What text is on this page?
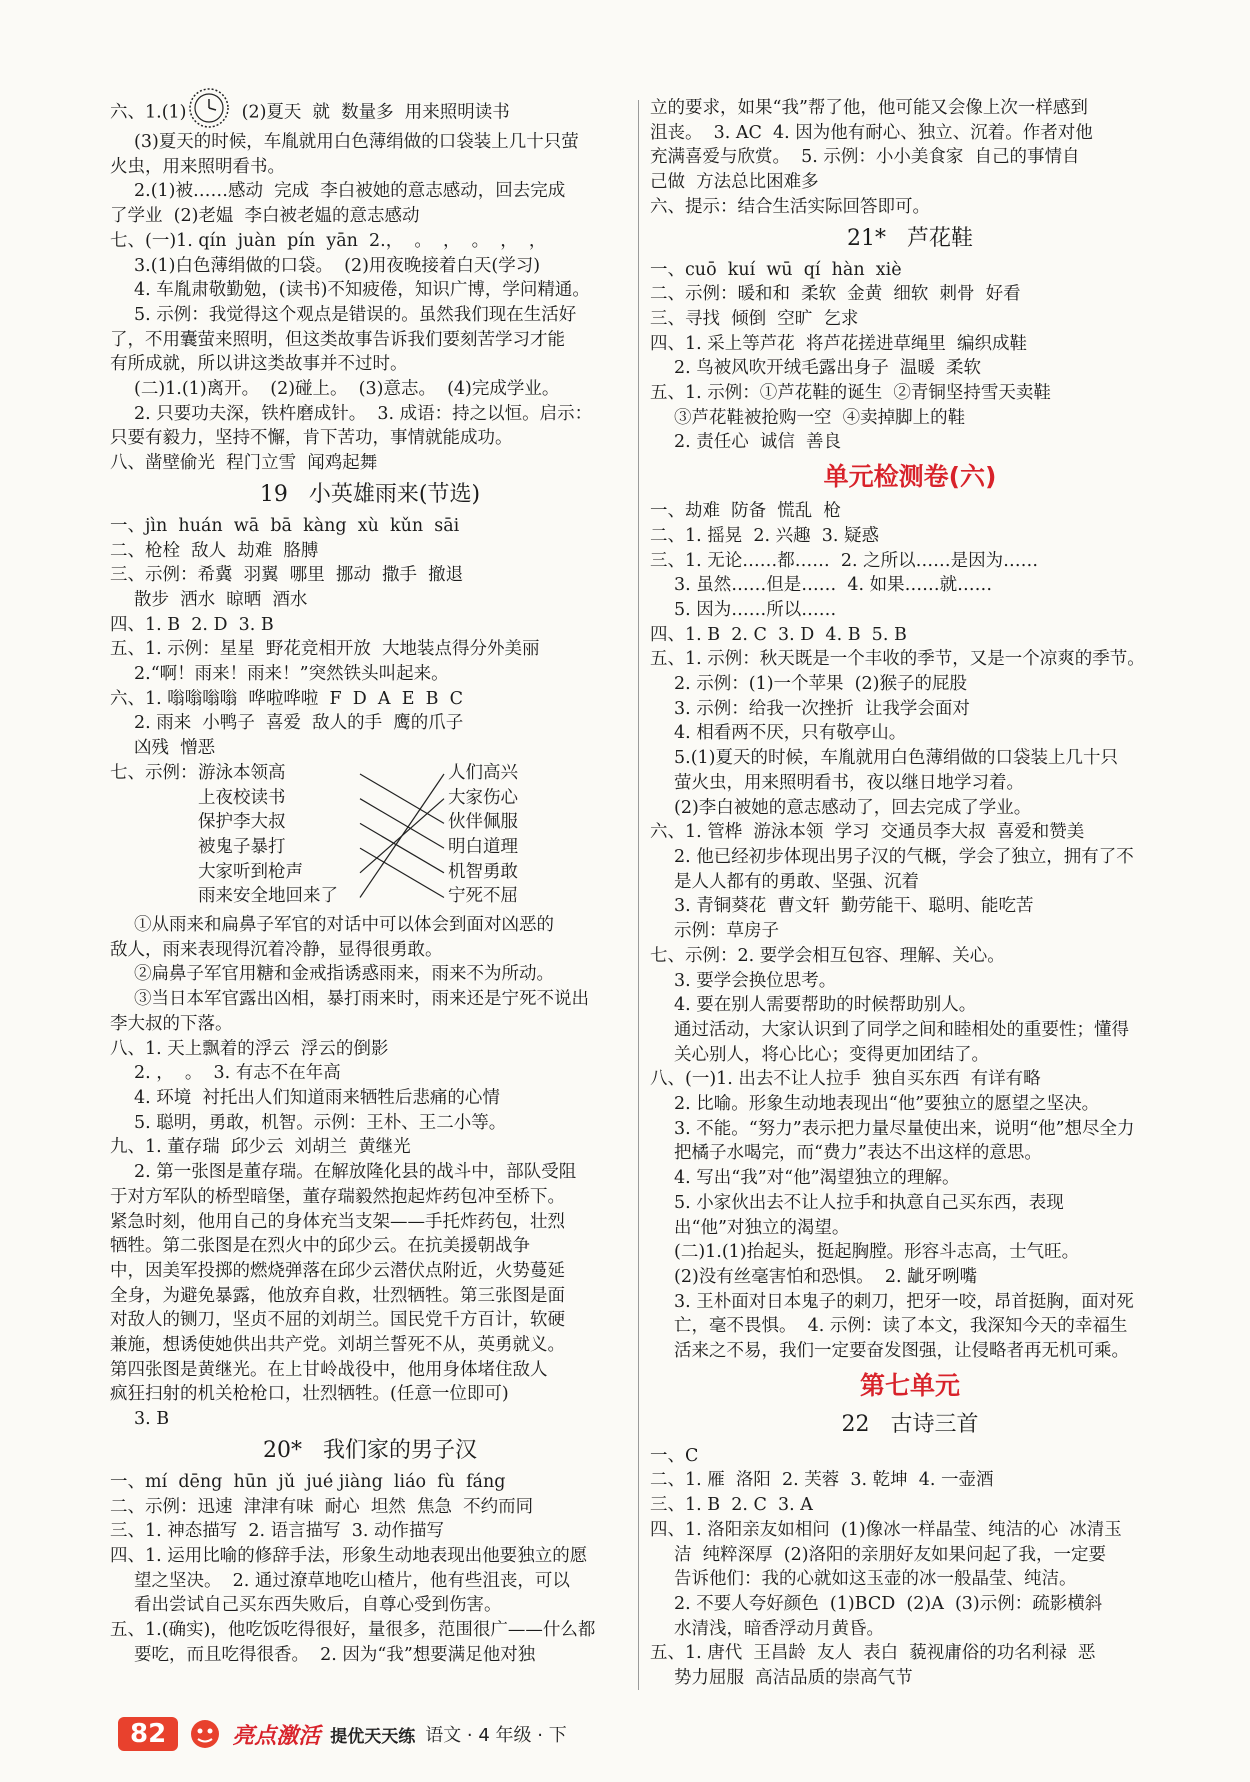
六、1.(1)	(2)夏天  就  数量多  用来照明读书
(3)夏天的时候，车胤就用白色薄绢做的口袋装上几十只萤
火虫，用来照明看书。
2.(1)被……感动  完成  李白被她的意志感动，回去完成
了学业  (2)老媪  李白被老媪的意志感动
七、(一)1. qín  juàn  pín  yān  2.，  。  ，  。  ，  ，
3.(1)白色薄绢做的口袋。  (2)用夜晚接着白天(学习)
4. 车胤肃敬勤勉，(读书)不知疲倦，知识广博，学问精通。
5. 示例：我觉得这个观点是错误的。虽然我们现在生活好
了，不用囊萤来照明，但这类故事告诉我们要刻苦学习才能
有所成就，所以讲这类故事并不过时。
(二)1.(1)离开。  (2)碰上。  (3)意志。  (4)完成学业。
2. 只要功夫深，铁杵磨成针。  3. 成语：持之以恒。启示：
只要有毅力，坚持不懈，肯下苦功，事情就能成功。
八、凿壁偷光  程门立雪  闻鸡起舞
19   小英雄雨来(节选)
一、jìn  huán  wā  bā  kàng  xù  kǔn  sāi
二、枪栓  敌人  劫难  胳膊
三、示例：希冀  羽翼  哪里  挪动  撒手  撤退
散步  洒水  晾晒  酒水
四、1. B  2. D  3. B
五、1. 示例：星星  野花竞相开放  大地装点得分外美丽
2.“啊！雨来！雨来！”突然铁头叫起来。
六、1. 嗡嗡嗡嗡  哗啦哗啦  F  D  A  E  B  C
2. 雨来  小鸭子  喜爱  敌人的手  鹰的爪子
凶残  憎恶
七、示例： 游泳本领高
上夜校读书
保护李大叔
被鬼子暴打
大家听到枪声
雨来安全地回来了
人们高兴
大家伤心
伙伴佩服
明白道理
机智勇敢
宁死不屈
①从雨来和扁鼻子军官的对话中可以体会到面对凶恶的
敌人，雨来表现得沉着冷静，显得很勇敢。
②扁鼻子军官用糖和金戒指诱惑雨来，雨来不为所动。
③当日本军官露出凶相，暴打雨来时，雨来还是宁死不说出
李大叔的下落。
八、1. 天上飘着的浮云  浮云的倒影
2. ，  。  3. 有志不在年高
4. 环境  衬托出人们知道雨来牺牲后悲痛的心情
5. 聪明，勇敢，机智。示例：王朴、王二小等。
九、1. 董存瑞  邱少云  刘胡兰  黄继光
2. 第一张图是董存瑞。在解放隆化县的战斗中，部队受阻
于对方军队的桥型暗堡，董存瑞毅然抱起炸药包冲至桥下。
紧急时刻，他用自己的身体充当支架——手托炸药包，壮烈
牺牲。第二张图是在烈火中的邱少云。在抗美援朝战争
中，因美军投掷的燃烧弹落在邱少云潜伏点附近，火势蔓延
全身，为避免暴露，他放弃自救，壮烈牺牲。第三张图是面
对敌人的铡刀，坚贞不屈的刘胡兰。国民党千方百计，软硬
兼施，想诱使她供出共产党。刘胡兰誓死不从，英勇就义。
第四张图是黄继光。在上甘岭战役中，他用身体堵住敌人
疯狂扫射的机关枪枪口，壮烈牺牲。(任意一位即可)
3. B
20*   我们家的男子汉
一、mí  dēng  hūn  jǔ  jué jiàng  liáo  fù  fáng
二、示例：迅速  津津有味  耐心  坦然  焦急  不约而同
三、1. 神态描写  2. 语言描写  3. 动作描写
四、1. 运用比喻的修辞手法，形象生动地表现出他要独立的愿
望之坚决。  2. 通过潦草地吃山楂片，他有些沮丧，可以
看出尝试自己买东西失败后，自尊心受到伤害。
五、1.(确实)，他吃饭吃得很好，量很多，范围很广——什么都
要吃，而且吃得很香。  2. 因为“我”想要满足他对独
立的要求，如果“我”帮了他，他可能又会像上次一样感到
沮丧。  3. AC  4. 因为他有耐心、独立、沉着。作者对他
充满喜爱与欣赏。  5. 示例：小小美食家  自己的事情自
己做  方法总比困难多
六、提示：结合生活实际回答即可。
21*   芦花鞋
一、cuō  kuí  wū  qí  hàn  xiè
二、示例：暖和和  柔软  金黄  细软  刺骨  好看
三、寻找  倾倒  空旷  乞求
四、1. 采上等芦花  将芦花搓进草绳里  编织成鞋
2. 鸟被风吹开绒毛露出身子  温暖  柔软
五、1. 示例：①芦花鞋的诞生  ②青铜坚持雪天卖鞋
③芦花鞋被抢购一空  ④卖掉脚上的鞋
2. 责任心  诚信  善良
单元检测卷(六)
一、劫难  防备  慌乱  枪
二、1. 摇晃  2. 兴趣  3. 疑惑
三、1. 无论……都……  2. 之所以……是因为……
3. 虽然……但是……  4. 如果……就……
5. 因为……所以……
四、1. B  2. C  3. D  4. B  5. B
五、1. 示例：秋天既是一个丰收的季节，又是一个凉爽的季节。
2. 示例：(1)一个苹果  (2)猴子的屁股
3. 示例：给我一次挫折  让我学会面对
4. 相看两不厌，只有敬亭山。
5.(1)夏天的时候，车胤就用白色薄绢做的口袋装上几十只
萤火虫，用来照明看书，夜以继日地学习着。
(2)李白被她的意志感动了，回去完成了学业。
六、1. 管桦  游泳本领  学习  交通员李大叔  喜爱和赞美
2. 他已经初步体现出男子汉的气概，学会了独立，拥有了不
是人人都有的勇敢、坚强、沉着
3. 青铜葵花  曹文轩  勤劳能干、聪明、能吃苦
示例：草房子
七、示例：2. 要学会相互包容、理解、关心。
3. 要学会换位思考。
4. 要在别人需要帮助的时候帮助别人。
通过活动，大家认识到了同学之间和睦相处的重要性；懂得
关心别人，将心比心；变得更加团结了。
八、(一)1. 出去不让人拉手  独自买东西  有详有略
2. 比喻。形象生动地表现出“他”要独立的愿望之坚决。
3. 不能。“努力”表示把力量尽量使出来，说明“他”想尽全力
把橘子水喝完，而“费力”表达不出这样的意思。
4. 写出“我”对“他”渴望独立的理解。
5. 小家伙出去不让人拉手和执意自己买东西，表现
出“他”对独立的渴望。
(二)1.(1)抬起头，挺起胸膛。形容斗志高，士气旺。
(2)没有丝毫害怕和恐惧。  2. 龇牙咧嘴
3. 王朴面对日本鬼子的刺刀，把牙一咬，昂首挺胸，面对死
亡，毫不畏惧。  4. 示例：读了本文，我深知今天的幸福生
活来之不易，我们一定要奋发图强，让侵略者再无机可乘。
第七单元
22   古诗三首
一、C
二、1. 雁  洛阳  2. 芙蓉  3. 乾坤  4. 一壶酒
三、1. B  2. C  3. A
四、1. 洛阳亲友如相问  (1)像冰一样晶莹、纯洁的心  冰清玉
洁  纯粹深厚  (2)洛阳的亲朋好友如果问起了我，一定要
告诉他们：我的心就如这玉壶的冰一般晶莹、纯洁。
2. 不要人夸好颜色  (1)BCD  (2)A  (3)示例：疏影横斜
水清浅，暗香浮动月黄昏。
五、1. 唐代  王昌龄  友人  表白  藐视庸俗的功名利禄  恶
势力屈服  高洁品质的崇高气节
82	亮点激活 提优天天练 语文 · 4 年级 · 下
